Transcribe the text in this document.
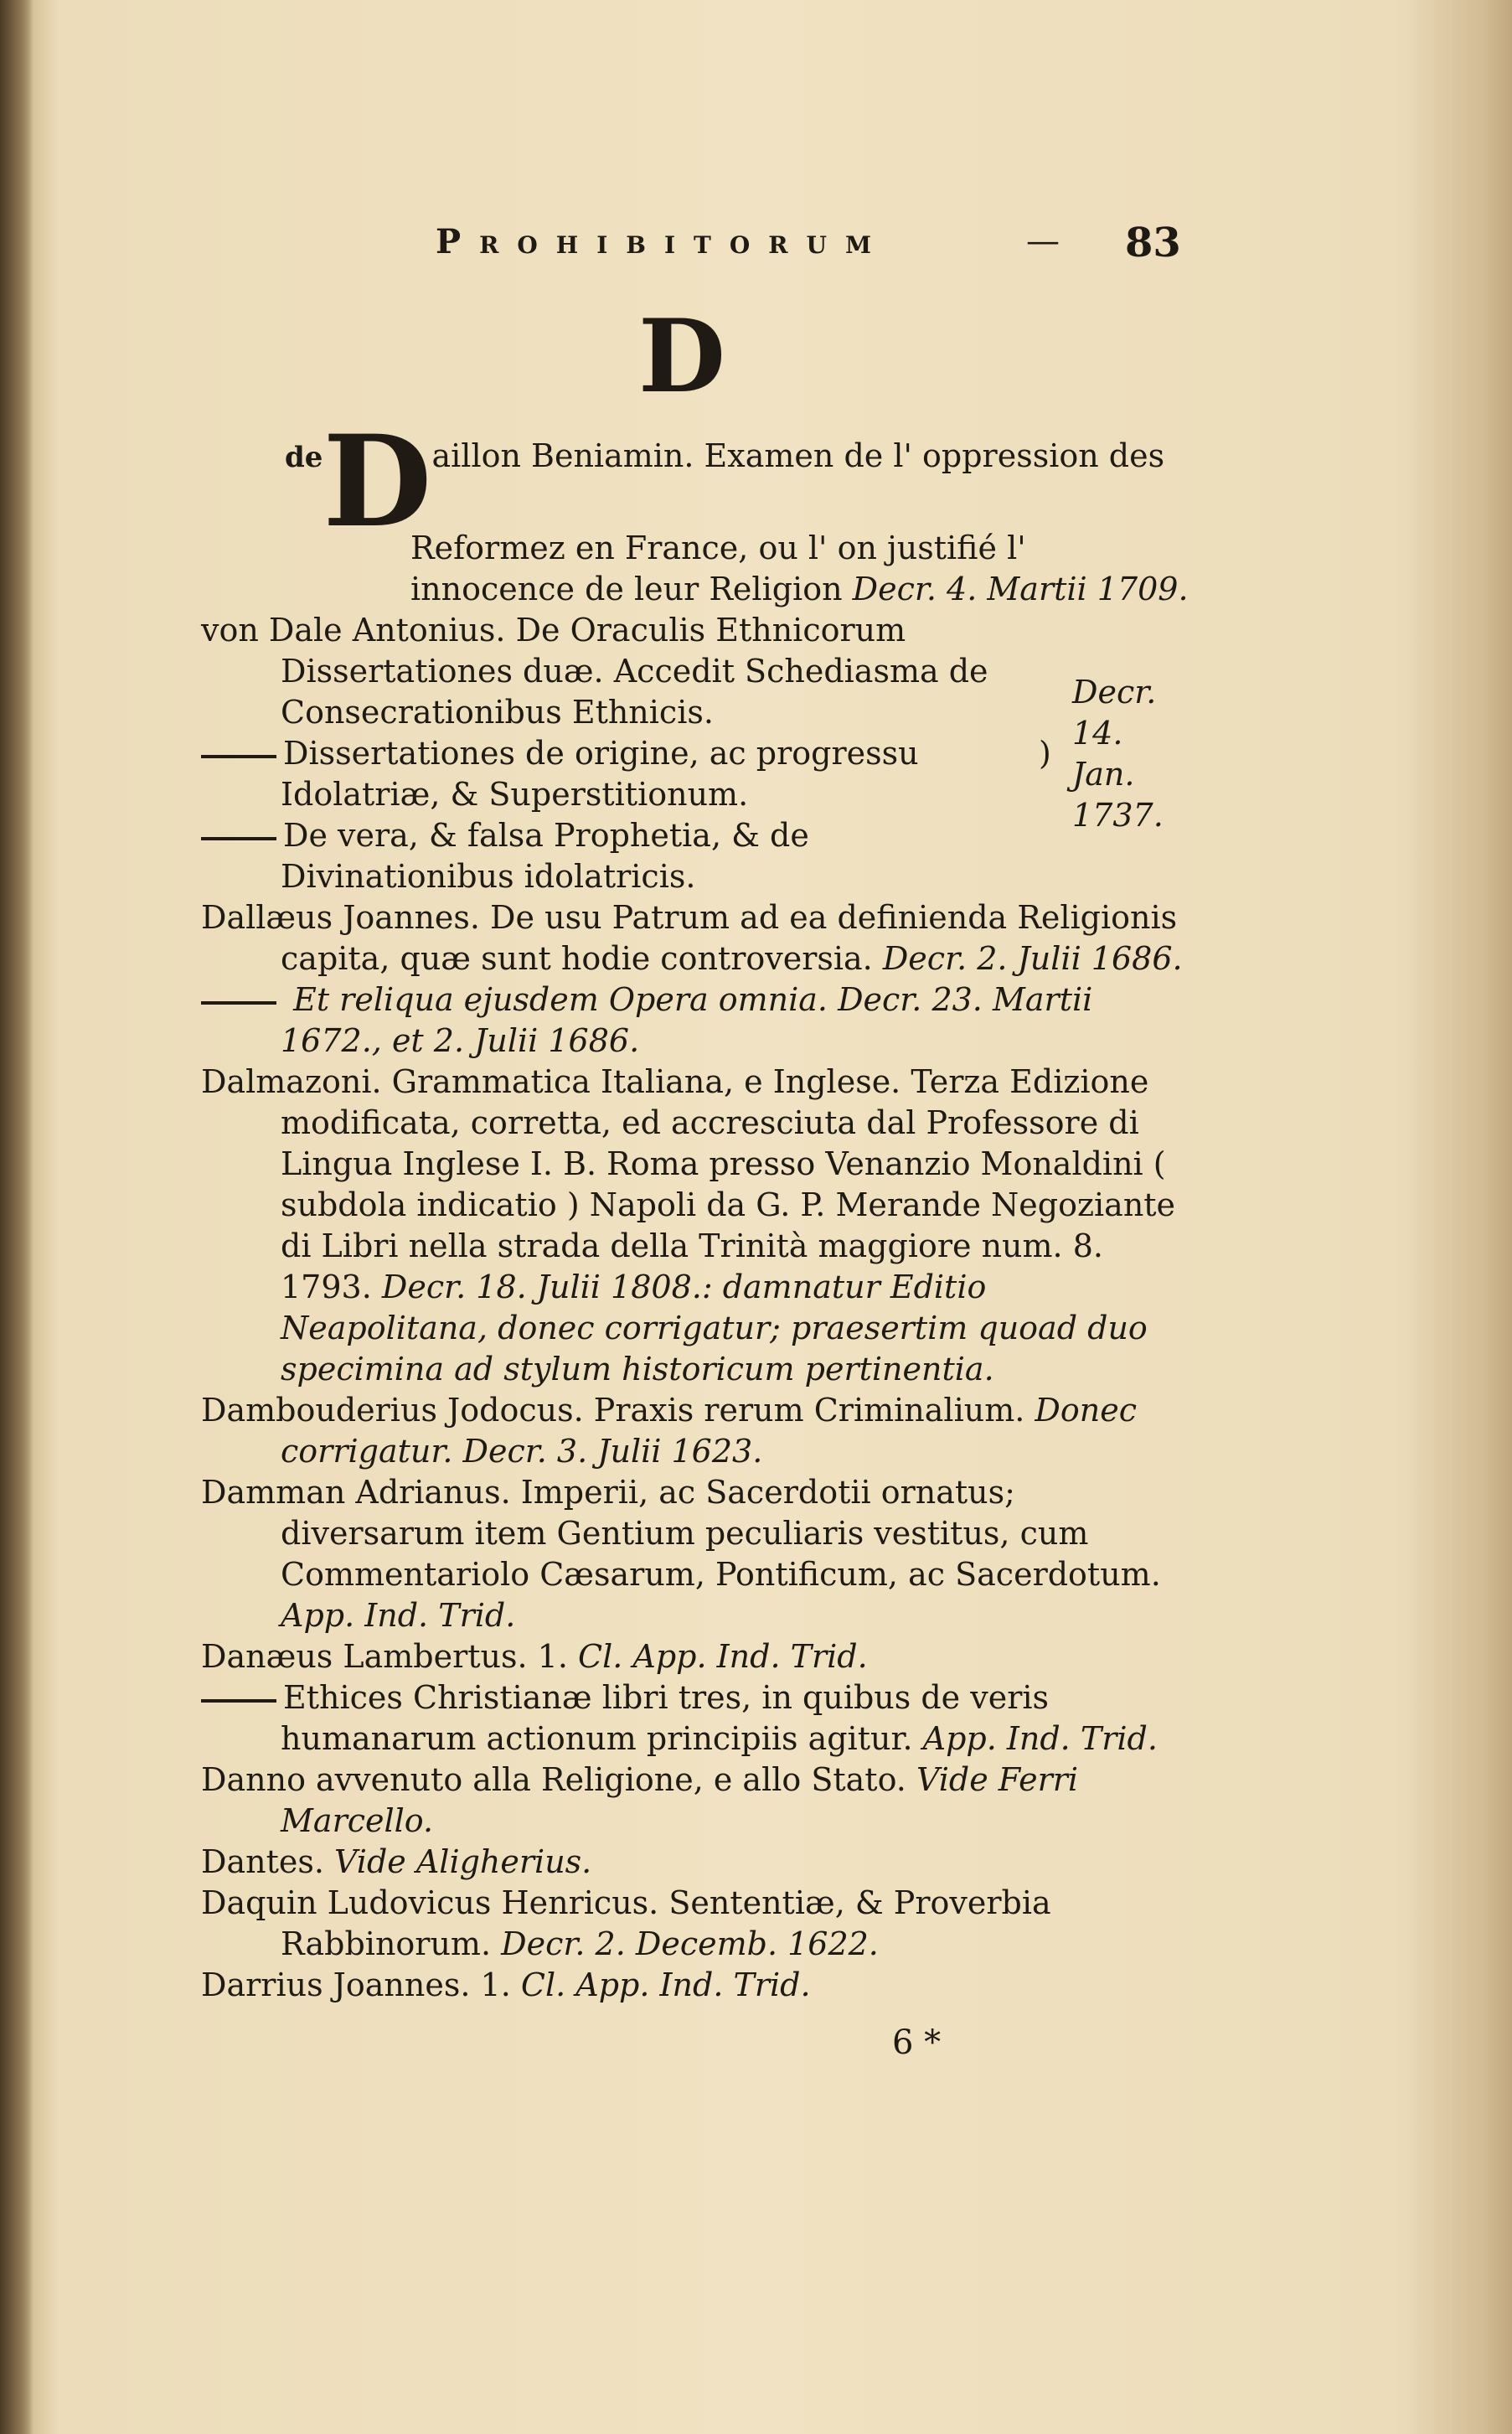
Prohibitorum	— 83
D
deDaillon Beniamin. Examen de l' oppression des Reformez en France, ou l' on justifié l' innocence de leur Religion Decr. 4. Martii 1709.
von Dale Antonius. De Oraculis Ethnicorum Dissertationes duæ. Accedit Schediasma de Consecrationibus Ethnicis.
Dissertationes de origine, ac progressu Idolatriæ, & Superstitionum.
De vera, & falsa Prophetia, & de Divinationibus idolatricis.
)
Decr. 14. Jan. 1737.
Dallæus Joannes. De usu Patrum ad ea definienda Religionis capita, quæ sunt hodie controversia. Decr. 2. Julii 1686.
Et reliqua ejusdem Opera omnia. Decr. 23. Martii 1672., et 2. Julii 1686.
Dalmazoni. Grammatica Italiana, e Inglese. Terza Edizione modificata, corretta, ed accresciuta dal Professore di Lingua Inglese I. B. Roma presso Venanzio Monaldini ( subdola indicatio ) Napoli da G. P. Merande Negoziante di Libri nella strada della Trinità maggiore num. 8. 1793. Decr. 18. Julii 1808.: damnatur Editio Neapolitana, donec corrigatur; praesertim quoad duo specimina ad stylum historicum pertinentia.
Dambouderius Jodocus. Praxis rerum Criminalium. Donec corrigatur. Decr. 3. Julii 1623.
Damman Adrianus. Imperii, ac Sacerdotii ornatus; diversarum item Gentium peculiaris vestitus, cum Commentariolo Cæsarum, Pontificum, ac Sacerdotum. App. Ind. Trid.
Danæus Lambertus. 1. Cl. App. Ind. Trid.
Ethices Christianæ libri tres, in quibus de veris humanarum actionum principiis agitur. App. Ind. Trid.
Danno avvenuto alla Religione, e allo Stato. Vide Ferri Marcello.
Dantes. Vide Aligherius.
Daquin Ludovicus Henricus. Sententiæ, & Proverbia Rabbinorum. Decr. 2. Decemb. 1622.
Darrius Joannes. 1. Cl. App. Ind. Trid.
6 *
